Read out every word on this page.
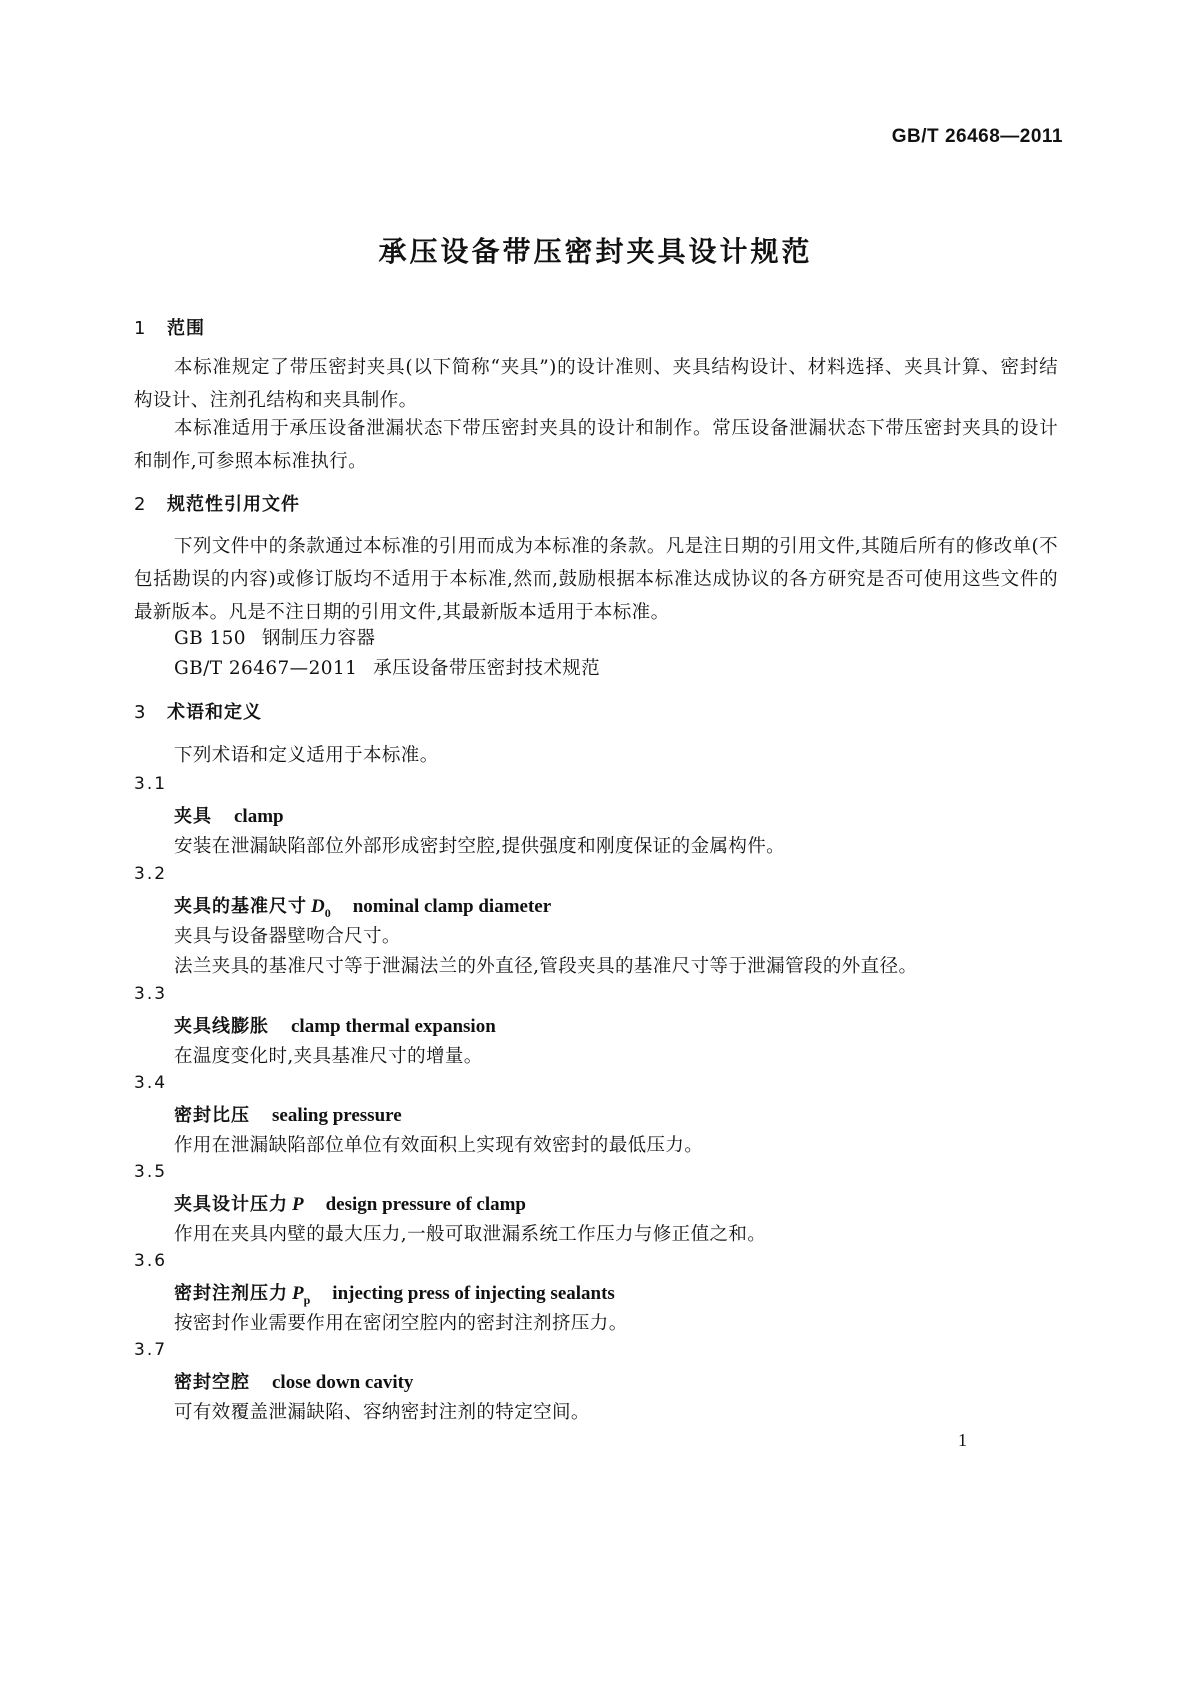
GB/T 26468—2011
承压设备带压密封夹具设计规范
1 范围
本标准规定了带压密封夹具(以下简称“夹具”)的设计准则、夹具结构设计、材料选择、夹具计算、密封结构设计、注剂孔结构和夹具制作。
本标准适用于承压设备泄漏状态下带压密封夹具的设计和制作。常压设备泄漏状态下带压密封夹具的设计和制作,可参照本标准执行。
2 规范性引用文件
下列文件中的条款通过本标准的引用而成为本标准的条款。凡是注日期的引用文件,其随后所有的修改单(不包括勘误的内容)或修订版均不适用于本标准,然而,鼓励根据本标准达成协议的各方研究是否可使用这些文件的最新版本。凡是不注日期的引用文件,其最新版本适用于本标准。
GB 150 钢制压力容器
GB/T 26467—2011 承压设备带压密封技术规范
3 术语和定义
下列术语和定义适用于本标准。
3.1
夹具 clamp
安装在泄漏缺陷部位外部形成密封空腔,提供强度和刚度保证的金属构件。
3.2
夹具的基准尺寸 $D_0$ nominal clamp diameter
夹具与设备器壁吻合尺寸。
法兰夹具的基准尺寸等于泄漏法兰的外直径,管段夹具的基准尺寸等于泄漏管段的外直径。
3.3
夹具线膨胀 clamp thermal expansion
在温度变化时,夹具基准尺寸的增量。
3.4
密封比压 sealing pressure
作用在泄漏缺陷部位单位有效面积上实现有效密封的最低压力。
3.5
夹具设计压力 P design pressure of clamp
作用在夹具内壁的最大压力,一般可取泄漏系统工作压力与修正值之和。
3.6
密封注剂压力 $P_p$ injecting press of injecting sealants
按密封作业需要作用在密闭空腔内的密封注剂挤压力。
3.7
密封空腔 close down cavity
可有效覆盖泄漏缺陷、容纳密封注剂的特定空间。
1
